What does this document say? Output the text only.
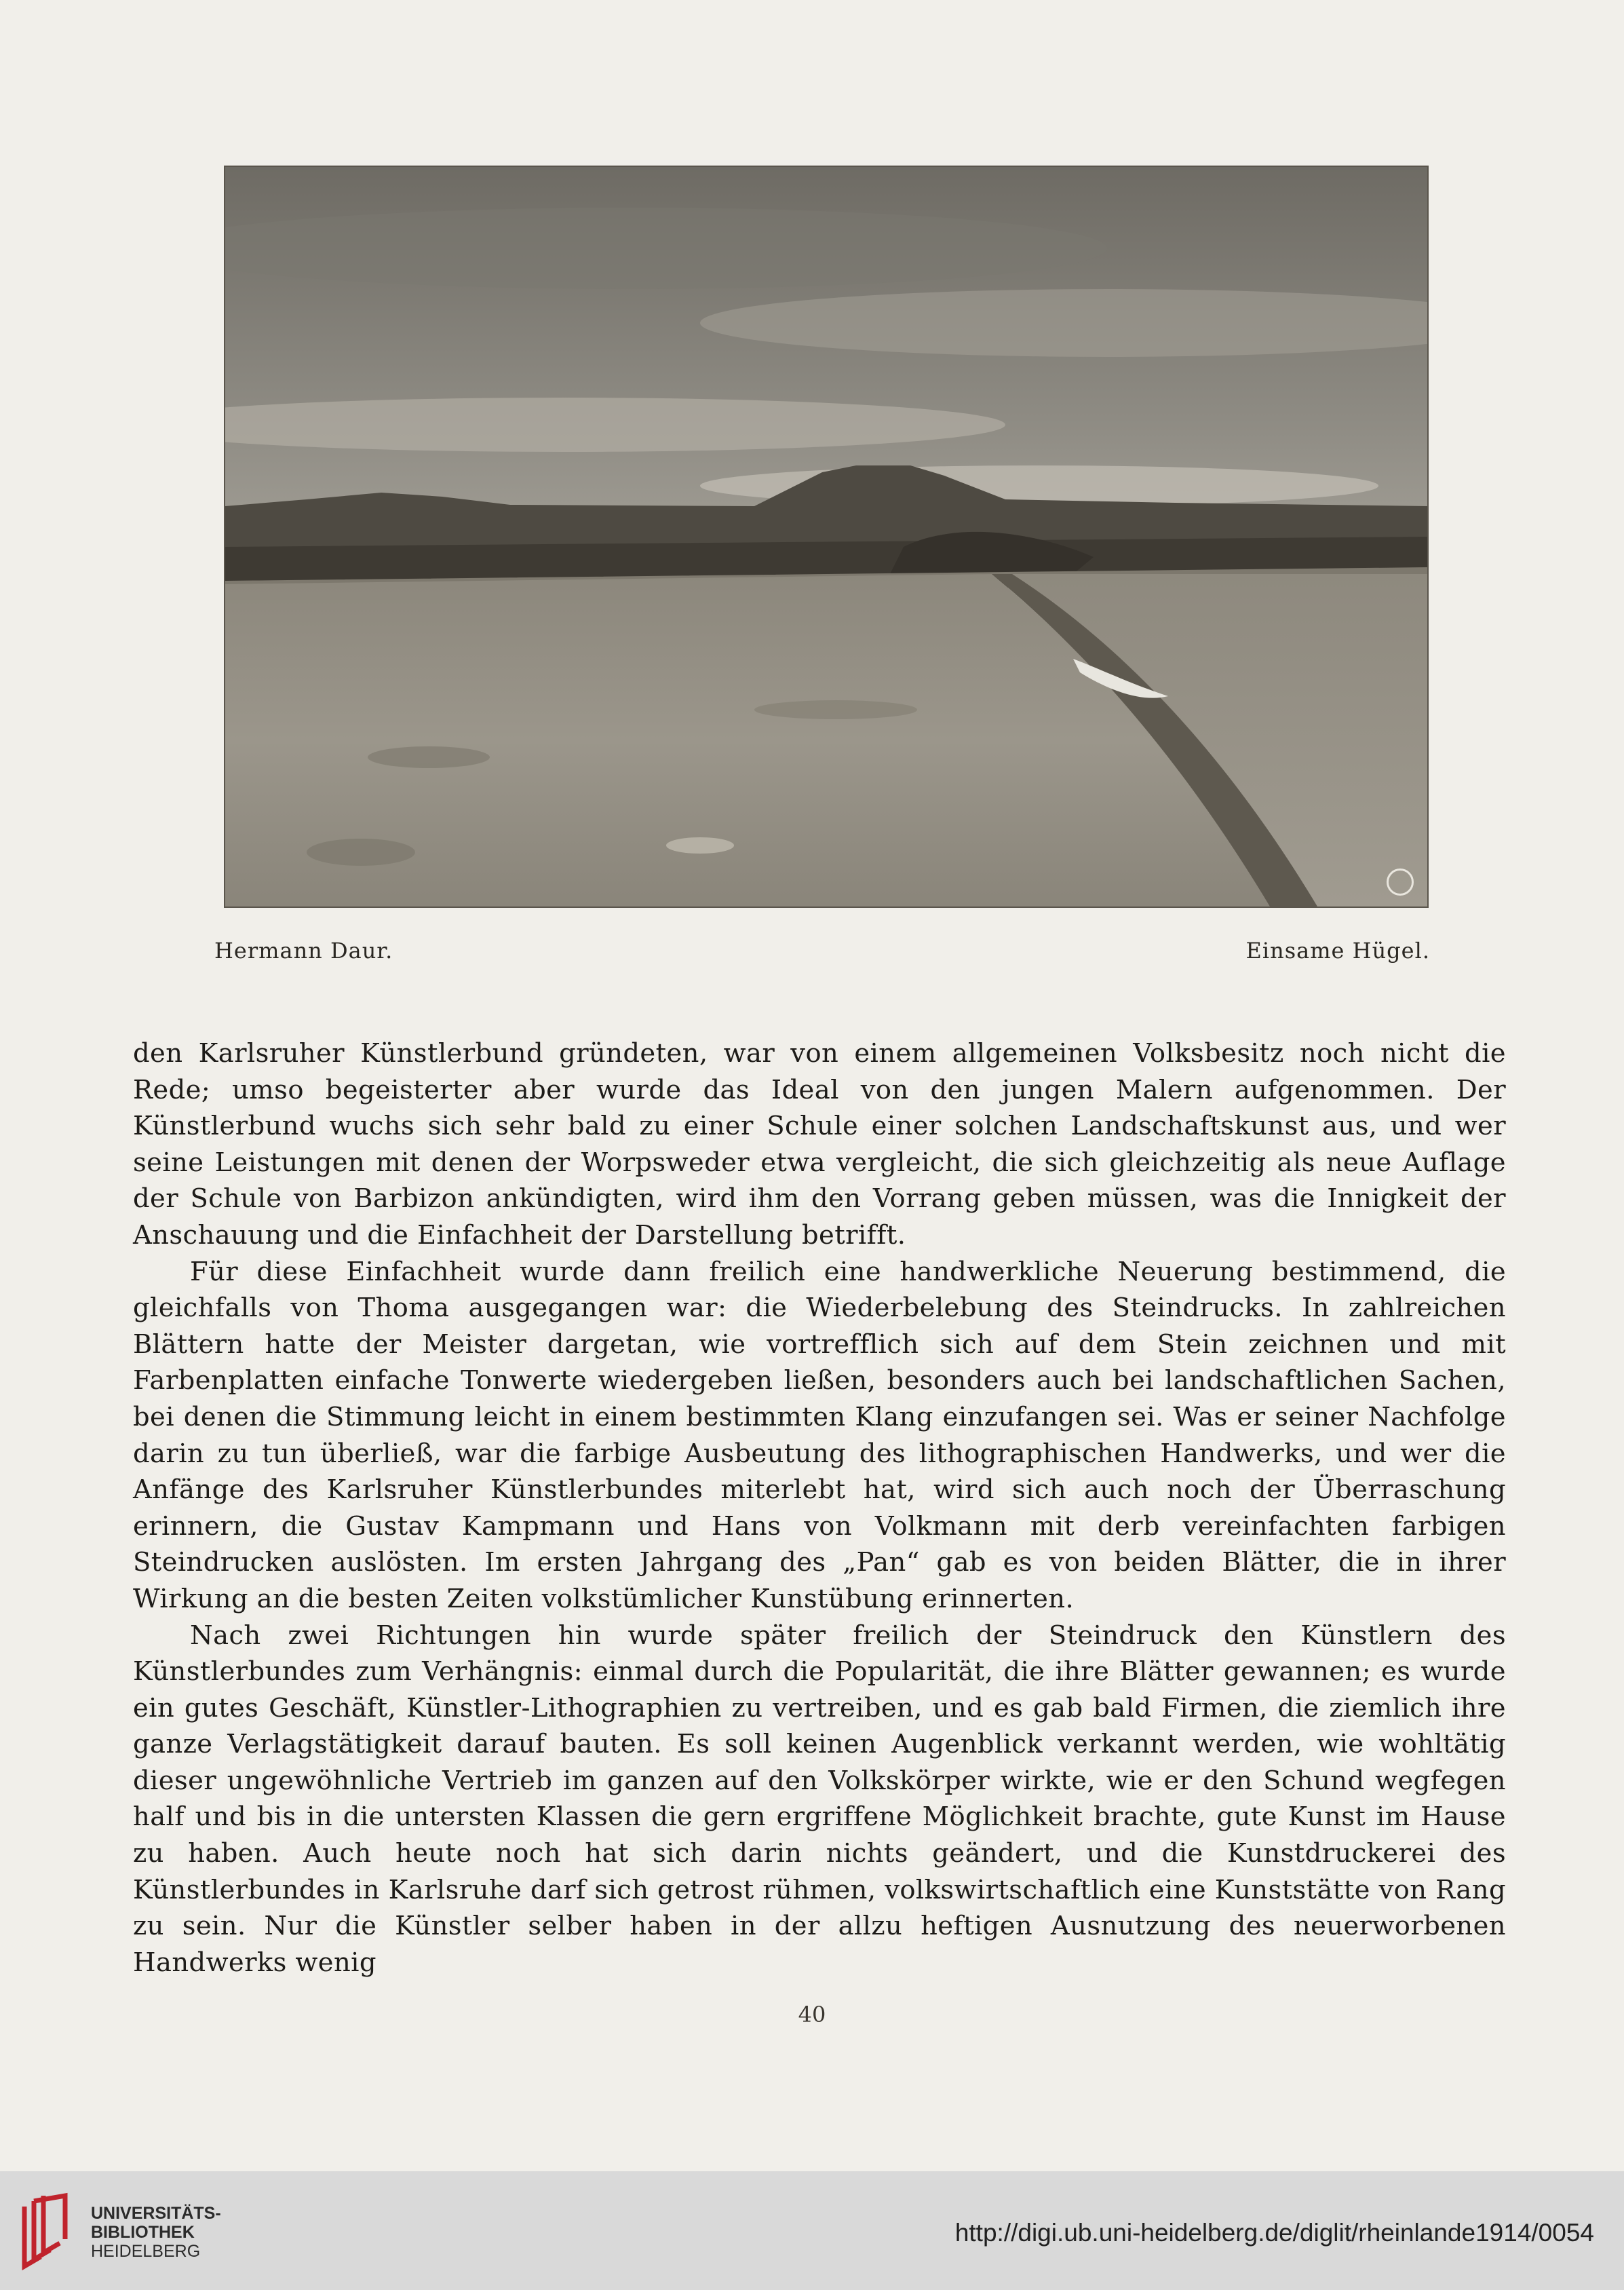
Hermann Daur.	Einsame Hügel.

den Karlsruher Künstlerbund gründeten, war von einem allgemeinen Volksbesitz noch nicht die Rede; umso begeisterter aber wurde das Ideal von den jungen Malern aufgenommen. Der Künstlerbund wuchs sich sehr bald zu einer Schule einer solchen Landschaftskunst aus, und wer seine Leistungen mit denen der Worpsweder etwa vergleicht, die sich gleichzeitig als neue Auflage der Schule von Barbizon ankündigten, wird ihm den Vorrang geben müssen, was die Innigkeit der Anschauung und die Einfachheit der Darstellung betrifft.

Für diese Einfachheit wurde dann freilich eine handwerkliche Neuerung bestimmend, die gleichfalls von Thoma ausgegangen war: die Wiederbelebung des Steindrucks. In zahlreichen Blättern hatte der Meister dargetan, wie vortrefflich sich auf dem Stein zeichnen und mit Farbenplatten einfache Tonwerte wiedergeben ließen, besonders auch bei landschaftlichen Sachen, bei denen die Stimmung leicht in einem bestimmten Klang einzufangen sei. Was er seiner Nachfolge darin zu tun überließ, war die farbige Ausbeutung des lithographischen Handwerks, und wer die Anfänge des Karlsruher Künstlerbundes miterlebt hat, wird sich auch noch der Überraschung erinnern, die Gustav Kampmann und Hans von Volkmann mit derb vereinfachten farbigen Steindrucken auslösten. Im ersten Jahrgang des „Pan“ gab es von beiden Blätter, die in ihrer Wirkung an die besten Zeiten volkstümlicher Kunstübung erinnerten.

Nach zwei Richtungen hin wurde später freilich der Steindruck den Künstlern des Künstlerbundes zum Verhängnis: einmal durch die Popularität, die ihre Blätter gewannen; es wurde ein gutes Geschäft, Künstler-Lithographien zu vertreiben, und es gab bald Firmen, die ziemlich ihre ganze Verlagstätigkeit darauf bauten. Es soll keinen Augenblick verkannt werden, wie wohltätig dieser ungewöhnliche Vertrieb im ganzen auf den Volkskörper wirkte, wie er den Schund wegfegen half und bis in die untersten Klassen die gern ergriffene Möglichkeit brachte, gute Kunst im Hause zu haben. Auch heute noch hat sich darin nichts geändert, und die Kunstdruckerei des Künstlerbundes in Karlsruhe darf sich getrost rühmen, volkswirtschaftlich eine Kunststätte von Rang zu sein. Nur die Künstler selber haben in der allzu heftigen Ausnutzung des neuerworbenen Handwerks wenig

40
UNIVERSITÄTS-
BIBLIOTHEK
HEIDELBERG
http://digi.ub.uni-heidelberg.de/diglit/rheinlande1914/0054
